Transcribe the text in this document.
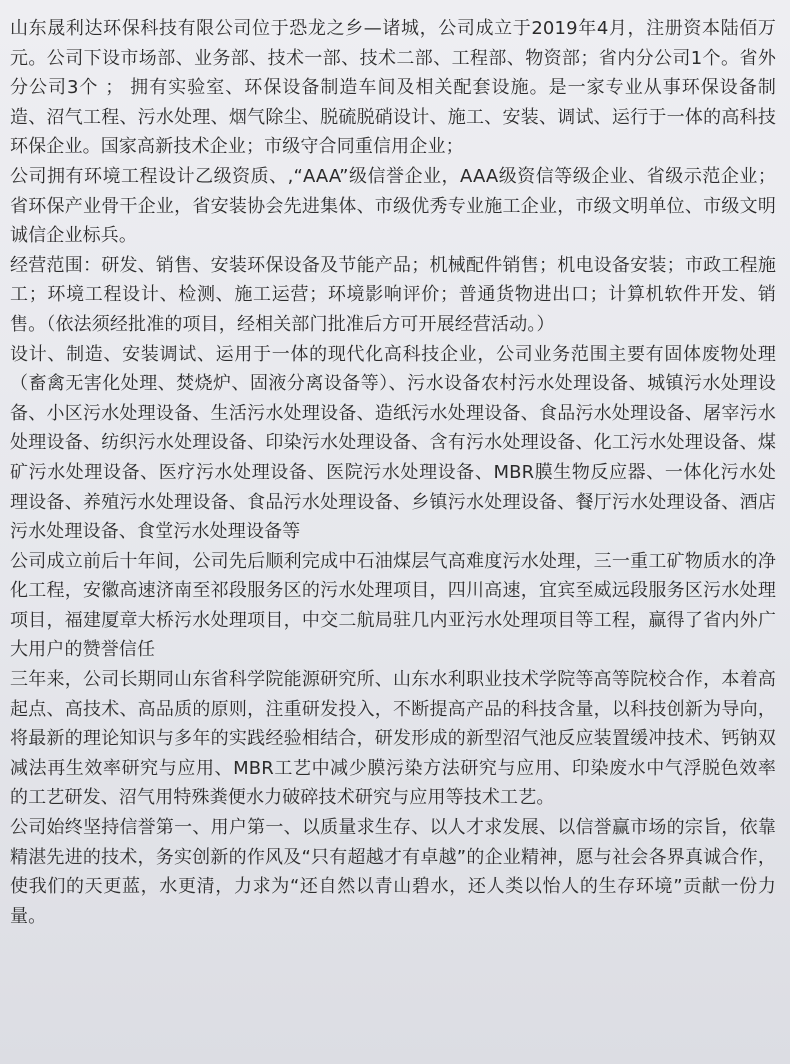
山东晟利达环保科技有限公司位于恐龙之乡—诸城，公司成立于2019年4月，注册资本陆佰万元。公司下设市场部、业务部、技术一部、技术二部、工程部、物资部；省内分公司1个。省外分公司3个 ； 拥有实验室、环保设备制造车间及相关配套设施。是一家专业从事环保设备制造、沼气工程、污水处理、烟气除尘、脱硫脱硝设计、施工、安装、调试、运行于一体的高科技环保企业。国家高新技术企业；市级守合同重信用企业；

公司拥有环境工程设计乙级资质、,“AAA”级信誉企业，AAA级资信等级企业、省级示范企业；省环保产业骨干企业，省安装协会先进集体、市级优秀专业施工企业，市级文明单位、市级文明诚信企业标兵。

经营范围：研发、销售、安装环保设备及节能产品；机械配件销售；机电设备安装；市政工程施工；环境工程设计、检测、施工运营；环境影响评价；普通货物进出口；计算机软件开发、销售。（依法须经批准的项目，经相关部门批准后方可开展经营活动。）

设计、制造、安装调试、运用于一体的现代化高科技企业，公司业务范围主要有固体废物处理（畜禽无害化处理、焚烧炉、固液分离设备等）、污水设备农村污水处理设备、城镇污水处理设备、小区污水处理设备、生活污水处理设备、造纸污水处理设备、食品污水处理设备、屠宰污水处理设备、纺织污水处理设备、印染污水处理设备、含有污水处理设备、化工污水处理设备、煤矿污水处理设备、医疗污水处理设备、医院污水处理设备、MBR膜生物反应器、一体化污水处理设备、养殖污水处理设备、食品污水处理设备、乡镇污水处理设备、餐厅污水处理设备、酒店污水处理设备、食堂污水处理设备等

公司成立前后十年间，公司先后顺利完成中石油煤层气高难度污水处理，三一重工矿物质水的净化工程，安徽高速济南至祁段服务区的污水处理项目，四川高速，宜宾至威远段服务区污水处理项目，福建厦章大桥污水处理项目，中交二航局驻几内亚污水处理项目等工程，赢得了省内外广大用户的赞誉信任

三年来，公司长期同山东省科学院能源研究所、山东水利职业技术学院等高等院校合作，本着高起点、高技术、高品质的原则，注重研发投入，不断提高产品的科技含量，以科技创新为导向，将最新的理论知识与多年的实践经验相结合，研发形成的新型沼气池反应装置缓冲技术、钙钠双减法再生效率研究与应用、MBR工艺中减少膜污染方法研究与应用、印染废水中气浮脱色效率的工艺研发、沼气用特殊粪便水力破碎技术研究与应用等技术工艺。

公司始终坚持信誉第一、用户第一、以质量求生存、以人才求发展、以信誉赢市场的宗旨，依靠精湛先进的技术，务实创新的作风及“只有超越才有卓越”的企业精神，愿与社会各界真诚合作，使我们的天更蓝，水更清，力求为“还自然以青山碧水，还人类以怡人的生存环境”贡献一份力量。
